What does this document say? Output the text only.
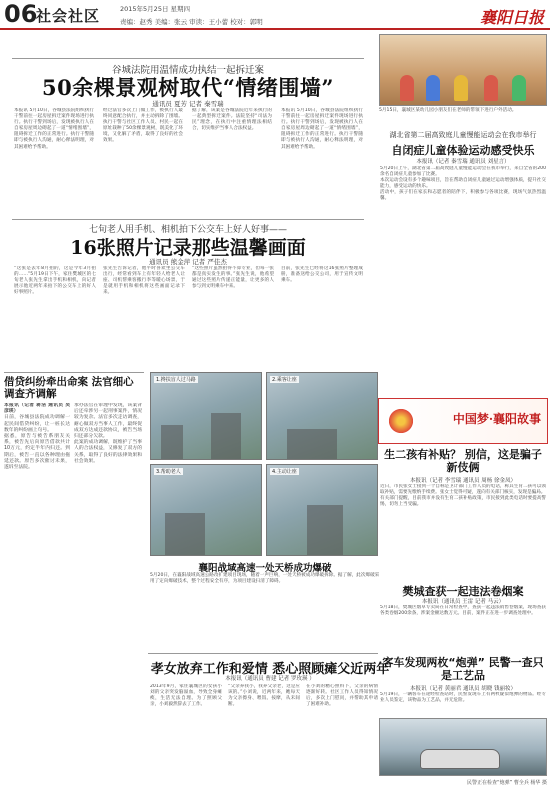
06
社会社区	2015年5月25日 星期四
责编：赵秀 美编：张云 审读：王小蕾 校对：郭明	襄阳日报
谷城法院用温情成功执结一起拆迁案
50余棵景观树取代“情绪围墙”
通讯员 夏芳 记者 秦雪瑞

本报讯 5月10日，谷城县法院组织执行干警前往一起房屋拆迁案件现场进行执行。执行干警到场后，发现被执行人在自家房屋周边砌起了一道“情绪围墙”，阻碍拆迁工作的正常进行。执行干警随即与被执行人沟通，耐心释法明理，对其困难给予帮助。

经过法官多次上门做工作，被执行人最终同意配合执行，并主动拆除了围墙。执行干警与社区工作人员、村民一起在原址栽种了50余棵景观树，既美化了环境，又化解了矛盾，取得了良好的社会效果。

据了解，该案是谷城法院近年来执行的一起典型拆迁案件。法院坚持“司法为民”理念，在执行中注重情理法相结合，切实维护当事人合法权益。

本报讯 5月10日，谷城县法院组织执行干警前往一起房屋拆迁案件现场进行执行。执行干警到场后，发现被执行人在自家房屋周边砌起了一道“情绪围墙”，阻碍拆迁工作的正常进行。执行干警随即与被执行人沟通，耐心释法明理，对其困难给予帮助。

七旬老人用手机、相机拍下公交车上好人好事——
16张照片记录那些温馨画面
通讯员 熊金萍 记者 严佳杰

“这张是去年8月拍的，这是今年3月拍的……”5月19日下午，家住樊城区的七旬老人张先生拿出手机和相机，向记者展示他近两年来拍下的公交车上的好人好事照片。

张先生告诉记者，他平时喜欢坐公交车出行，经常看到车上有年轻人给老人让座、司机帮乘客搬行李等暖心场景，于是就用手机和相机将这些画面记录下来。

“这些照片虽然拍得不算专业，但每一张都是真实发生的事。”张先生说，他希望通过这些照片传递正能量，让更多的人参与到文明乘车中来。

目前，张先生已经将这16张照片整理成册，准备送给公交公司，用于宣传文明乘车。

借贷纠纷牵出命案 法官细心调查齐调解

本报讯（记者 蒋洁 通讯员 吴彦瑛）

日前，谷城县法院成功调解一起民间借贷纠纷，让一桩长达数年的纠纷画上句号。

据悉，原告与被告系朋友关系，被告先后向原告借款共计10万元，约定半年内归还。到期后，被告一直以各种理由拖延还款。原告多次催讨未果，遂诉至法院。

承办法官在审理中发现，该案背后还牵涉另一起刑事案件，情况较为复杂。法官多次走访调查，耐心做双方当事人工作，最终促成双方达成还款协议，被告当场归还部分欠款。

此案的成功调解，既维护了当事人的合法权益，又修复了双方的关系，取得了良好的法律效果和社会效果。

1.搀扶盲人过马路	2.乘客让座
3.帮助老人	4.主动让座
襄阳战域高速一处天桥成功爆破
5月20日，在襄阳战域高速公路改扩建项目现场，随着一声巨响，一处天桥被成功爆破拆除。据了解，此次爆破采用了定向爆破技术，整个过程安全有序，为项目建设扫清了障碍。
孝女放弃工作和爱情 悉心照顾瘫父近两年
本报讯（通讯员 曹建 记者 罗玫瑛 ）

2013年9月，家住襄城区的女孩小刘的父亲突发脑溢血，导致全身瘫痪，生活无法自理。为了照顾父亲，小刘毅然辞去了工作。

“父亲养我小，我养父亲老，这是应该的。”小刘说，近两年来，她每天为父亲擦身、喂饭、按摩，从未间断。

在小刘的精心照料下，父亲的病情逐渐好转。社区工作人员得知情况后，多次上门慰问，并帮助其申请了困难补助。

5月15日，襄城区某幼儿园小朋友们在老师的带领下进行户外活动。
湖北省第二届高致庭儿童慢能运动会在我市举行
自闭症儿童体验运动感受快乐
本报讯（记者 秦雪瑞 通讯员 刘星言）

5月20日上午，湖北省第二届高致庭儿童慢能运动会在我市举行，来自全省的200余名自闭症儿童参加了比赛。

本次运动会设有多个趣味项目，旨在帮助自闭症儿童通过运动增强体质，提升社交能力，感受运动的快乐。

活动中，孩子们在家长和志愿者的陪伴下，积极参与各项比赛，现场气氛热烈温馨。

中国梦·襄阳故事
生二孩有补贴？ 别信，这是骗子新伎俩
本报讯（记者 李雪瑞 通讯员 周杨 徐金凤）

近日，市民张女士接到一个自称是卫计部门工作人员的电话，称其生育二孩可以领取补贴，需要先缴纳手续费。张女士觉得可疑，遂向有关部门核实，发现是骗局。

有关部门提醒，目前我市并没有生育二孩补贴政策，市民接到此类电话时要提高警惕，切勿上当受骗。

樊城查获一起违法卷烟案
本报讯（通讯员 王雷 记者 马云）

5月18日，樊城区烟草专卖局在日常检查中，查获一起违法销售卷烟案，现场查获各类卷烟200余条，涉案金额达数万元。目前，案件正在进一步调查处理中。

客车发现两枚“炮弹” 民警一查只是工艺品
本报讯（记者 黄丽君 通讯员 胡晓 钱丽妆）

5月19日，一辆客车在途经检查站时，民警发现车上有两枚疑似炮弹的物品。经专业人员鉴定，该物品为工艺品，并无危险。

民警正在检查“炮弹” 曹全兵 杨华 摄
